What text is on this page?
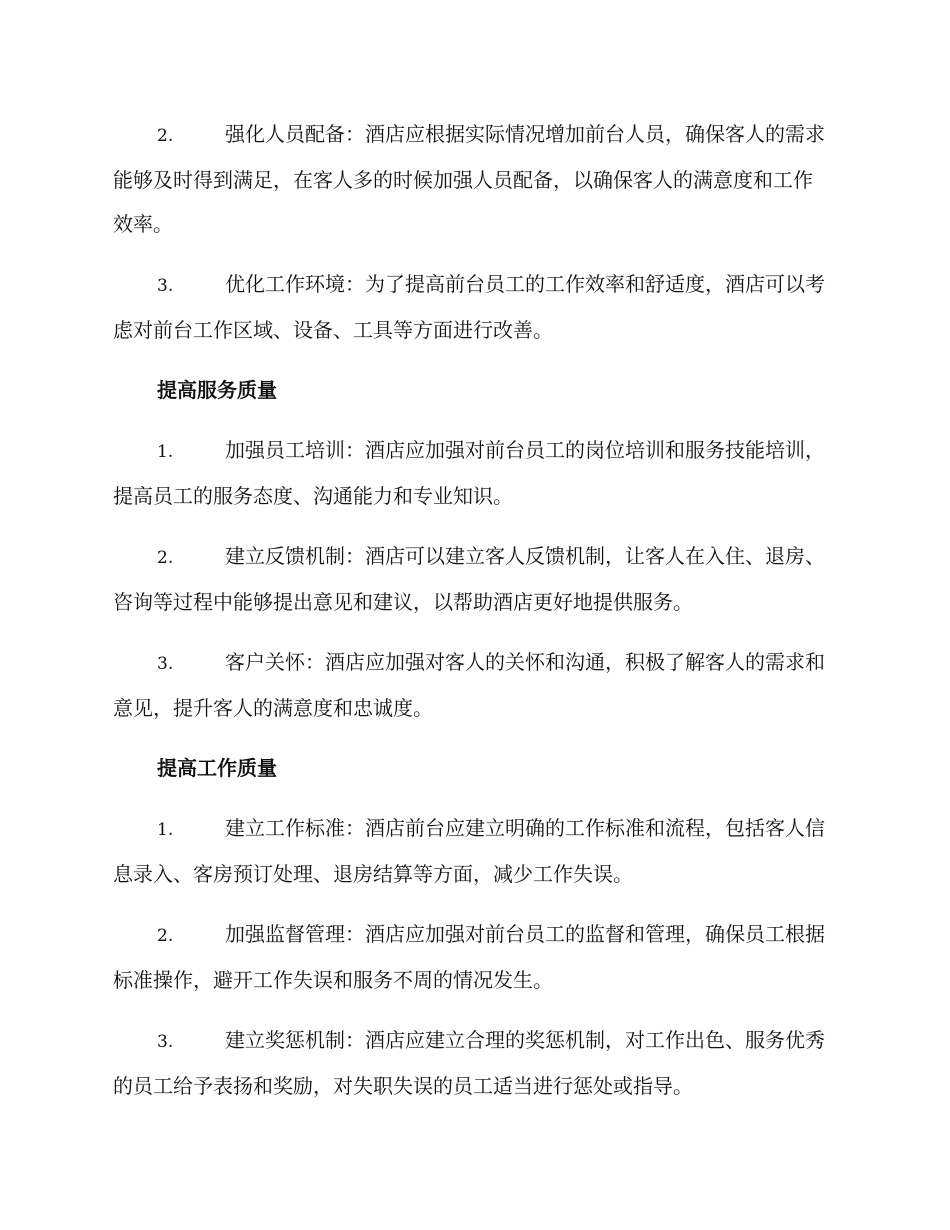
2.	强化人员配备：酒店应根据实际情况增加前台人员，确保客人的需求能够及时得到满足，在客人多的时候加强人员配备，以确保客人的满意度和工作效率。

3.	优化工作环境：为了提高前台员工的工作效率和舒适度，酒店可以考虑对前台工作区域、设备、工具等方面进行改善。

提高服务质量

1.	加强员工培训：酒店应加强对前台员工的岗位培训和服务技能培训，提高员工的服务态度、沟通能力和专业知识。

2.	建立反馈机制：酒店可以建立客人反馈机制，让客人在入住、退房、咨询等过程中能够提出意见和建议，以帮助酒店更好地提供服务。

3.	客户关怀：酒店应加强对客人的关怀和沟通，积极了解客人的需求和意见，提升客人的满意度和忠诚度。

提高工作质量

1.	建立工作标准：酒店前台应建立明确的工作标准和流程，包括客人信息录入、客房预订处理、退房结算等方面，减少工作失误。

2.	加强监督管理：酒店应加强对前台员工的监督和管理，确保员工根据标准操作，避开工作失误和服务不周的情况发生。

3.	建立奖惩机制：酒店应建立合理的奖惩机制，对工作出色、服务优秀的员工给予表扬和奖励，对失职失误的员工适当进行惩处或指导。
